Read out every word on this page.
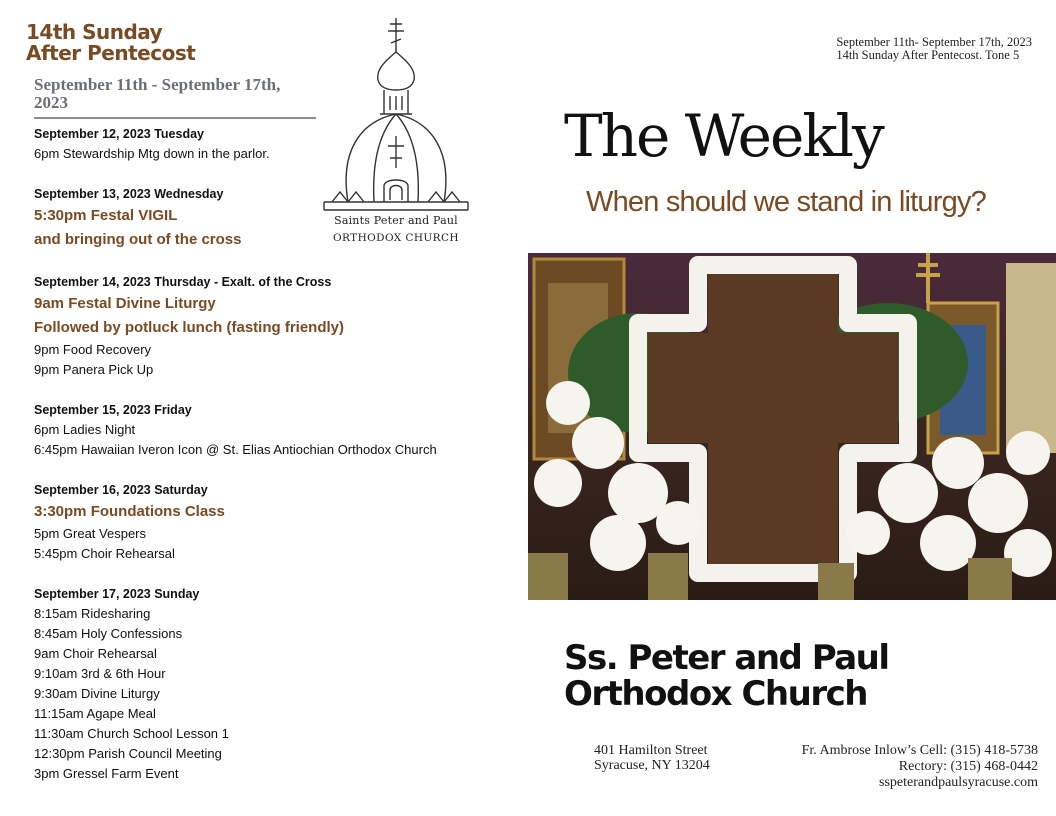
14th Sunday
After Pentecost
September 11th - September 17th, 2023
September 12, 2023 Tuesday
6pm Stewardship Mtg down in the parlor.
September 13, 2023 Wednesday
5:30pm Festal VIGIL
and bringing out of the cross
September 14, 2023 Thursday - Exalt. of the Cross
9am Festal Divine Liturgy
Followed by potluck lunch (fasting friendly)
9pm Food Recovery
9pm Panera Pick Up
September 15, 2023 Friday
6pm Ladies Night
6:45pm Hawaiian Iveron Icon @ St. Elias Antiochian Orthodox Church
September 16, 2023 Saturday
3:30pm Foundations Class
5pm Great Vespers
5:45pm Choir Rehearsal
September 17, 2023 Sunday
8:15am Ridesharing
8:45am Holy Confessions
9am Choir Rehearsal
9:10am 3rd & 6th Hour
9:30am Divine Liturgy
11:15am Agape Meal
11:30am Church School Lesson 1
12:30pm Parish Council Meeting
3pm Gressel Farm Event
Saints Peter and Paul
ORTHODOX CHURCH
September 11th- September 17th, 2023
14th Sunday After Pentecost. Tone 5
The Weekly
When should we stand in liturgy?
Ss. Peter and Paul
Orthodox Church
401 Hamilton Street
Syracuse, NY 13204
Fr. Ambrose Inlow’s Cell: (315) 418-5738
Rectory: (315) 468-0442
sspeterandpaulsyracuse.com
